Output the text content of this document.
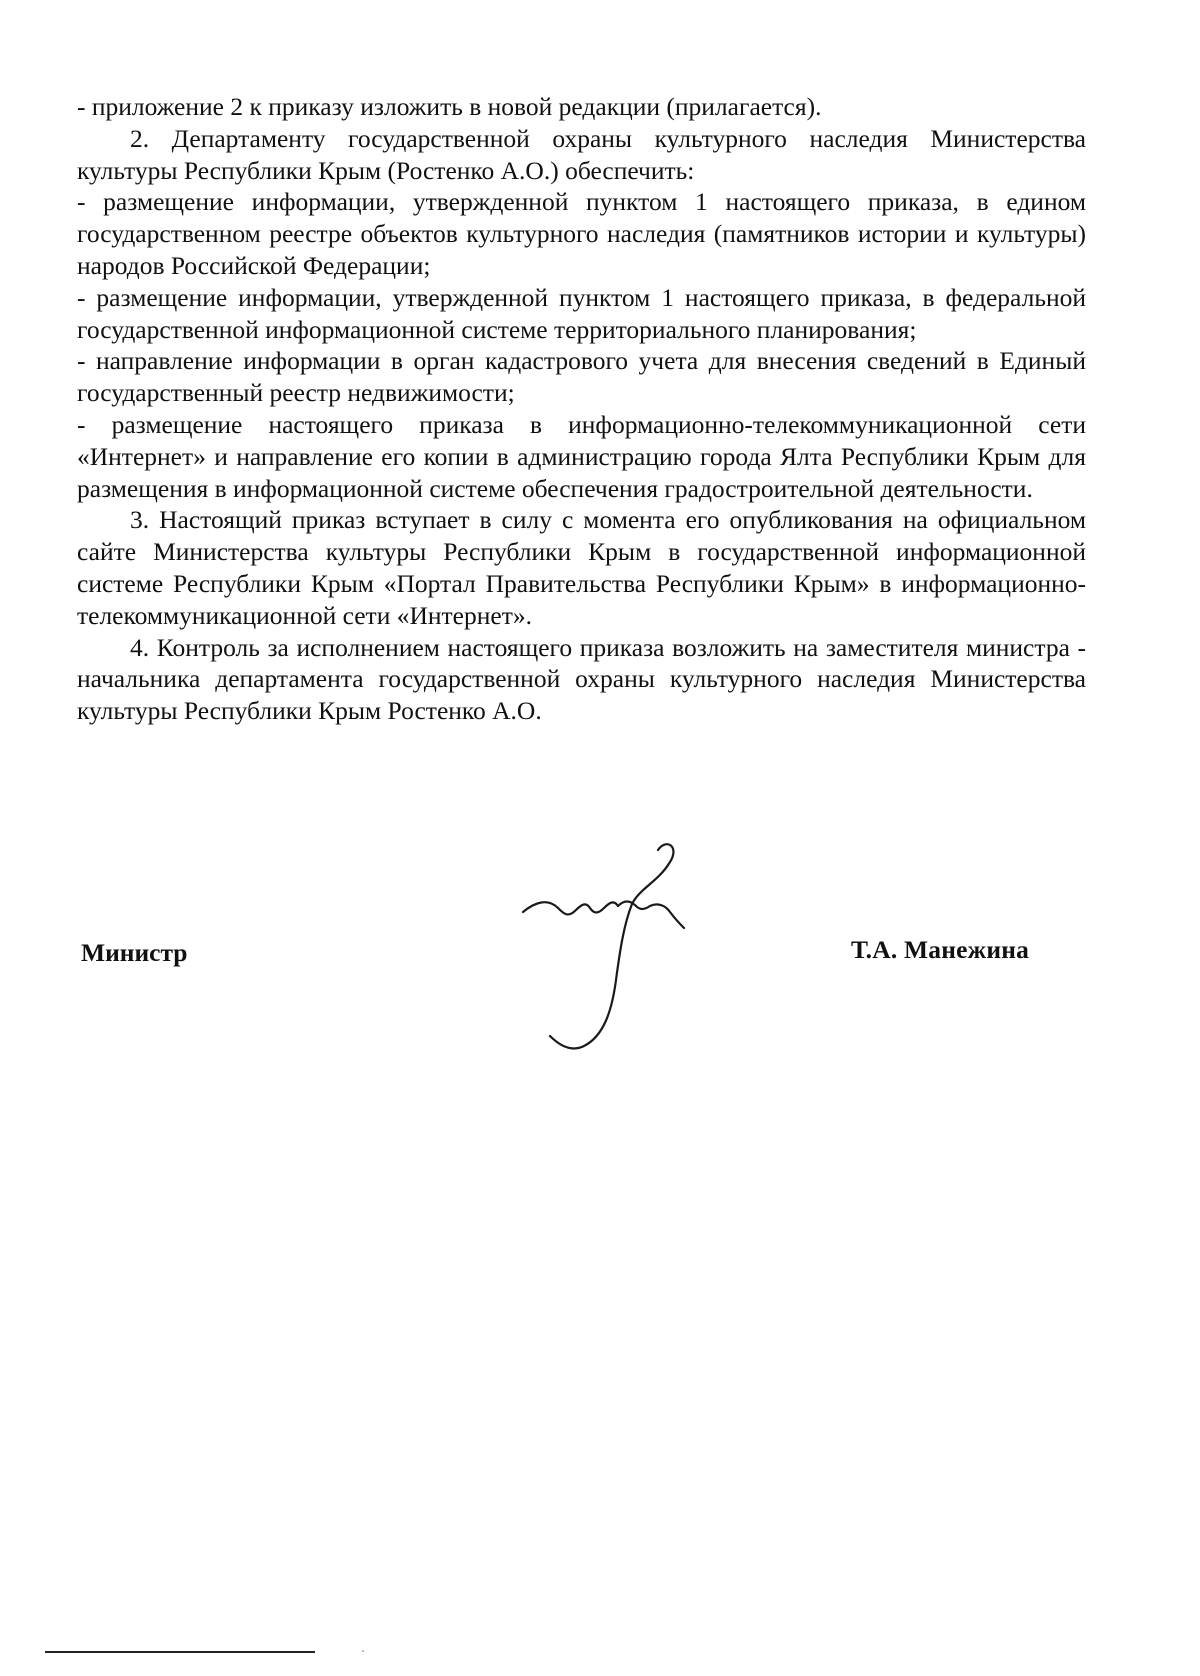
- приложение 2 к приказу изложить в новой редакции (прилагается).

2. Департаменту государственной охраны культурного наследия Министерства культуры Республики Крым (Ростенко А.О.) обеспечить:

- размещение информации, утвержденной пунктом 1 настоящего приказа, в едином государственном реестре объектов культурного наследия (памятников истории и культуры) народов Российской Федерации;

- размещение информации, утвержденной пунктом 1 настоящего приказа, в федеральной государственной информационной системе территориального планирования;

- направление информации в орган кадастрового учета для внесения сведений в Единый государственный реестр недвижимости;

- размещение настоящего приказа в информационно-телекоммуникационной сети «Интернет» и направление его копии в администрацию города Ялта Республики Крым для размещения в информационной системе обеспечения градостроительной деятельности.

3. Настоящий приказ вступает в силу с момента его опубликования на официальном сайте Министерства культуры Республики Крым в государственной информационной системе Республики Крым «Портал Правительства Республики Крым» в информационно-телекоммуникационной сети «Интернет».

4. Контроль за исполнением настоящего приказа возложить на заместителя министра - начальника департамента государственной охраны культурного наследия Министерства культуры Республики Крым Ростенко А.О.

Министр	Т.А. Манежина
